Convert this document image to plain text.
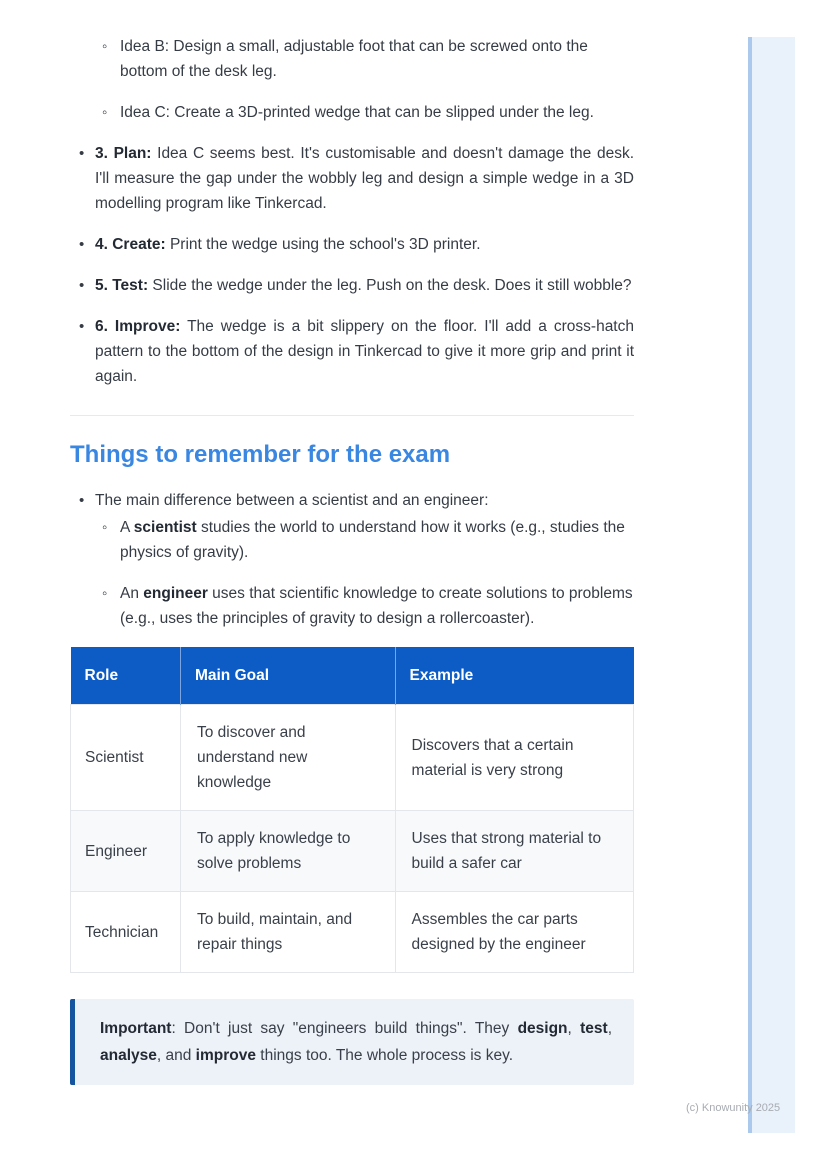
◦
Idea B: Design a small, adjustable foot that can be screwed onto the bottom of the desk leg.
◦
Idea C: Create a 3D-printed wedge that can be slipped under the leg.
•
3. Plan: Idea C seems best. It's customisable and doesn't damage the desk. I'll measure the gap under the wobbly leg and design a simple wedge in a 3D modelling program like Tinkercad.
•
4. Create: Print the wedge using the school's 3D printer.
•
5. Test: Slide the wedge under the leg. Push on the desk. Does it still wobble?
•
6. Improve: The wedge is a bit slippery on the floor. I'll add a cross-hatch pattern to the bottom of the design in Tinkercad to give it more grip and print it again.
Things to remember for the exam
•
The main difference between a scientist and an engineer:
◦
A scientist studies the world to understand how it works (e.g., studies the physics of gravity).
◦
An engineer uses that scientific knowledge to create solutions to problems (e.g., uses the principles of gravity to design a rollercoaster).
Role	Main Goal	Example
Scientist	To discover and understand new knowledge	Discovers that a certain material is very strong
Engineer	To apply knowledge to solve problems	Uses that strong material to build a safer car
Technician	To build, maintain, and repair things	Assembles the car parts designed by the engineer
Important: Don't just say "engineers build things". They design, test, analyse, and improve things too. The whole process is key.
(c) Knowunity 2025
